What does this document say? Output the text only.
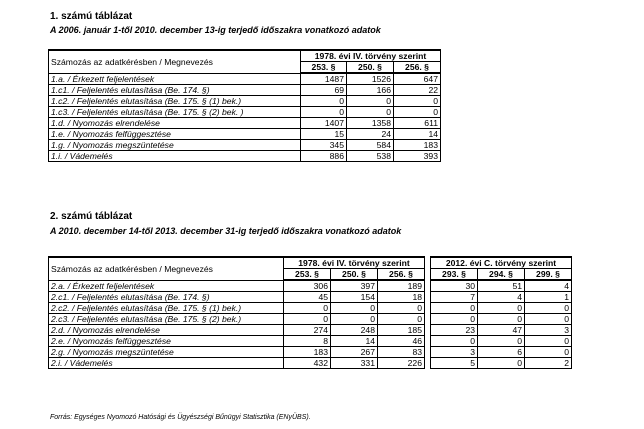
1. számú táblázat
A 2006. január 1-től 2010. december 13-ig terjedő időszakra vonatkozó adatok
Számozás az adatkérésben / Megnevezés	1978. évi IV. törvény szerint		
	253. §	250. §	256. §
1.a. / Érkezett feljelentések	1487	1526	647
1.c1. / Feljelentés elutasítása (Be. 174. §)	69	166	22
1.c2. / Feljelentés elutasítása (Be. 175. § (1) bek.)	0	0	0
1.c3. / Feljelentés elutasítása (Be. 175. § (2) bek. )	0	0	0
1.d. / Nyomozás elrendelése	1407	1358	611
1.e. / Nyomozás felfüggesztése	15	24	14
1.g. / Nyomozás megszüntetése	345	584	183
1.i. / Vádemelés	886	538	393
2. számú táblázat
A 2010. december 14-től 2013. december 31-ig terjedő időszakra vonatkozó adatok
Számozás az adatkérésben / Megnevezés	1978. évi IV. törvény szerint				2012. évi C. törvény szerint		
	253. §	250. §	256. §		293. §	294. §	299. §
2.a. / Érkezett feljelentések	306	397	189		30	51	4
2.c1. / Feljelentés elutasítása (Be. 174. §)	45	154	18		7	4	1
2.c2. / Feljelentés elutasítása (Be. 175. § (1) bek.)	0	0	0		0	0	0
2.c3. / Feljelentés elutasítása (Be. 175. § (2) bek.)	0	0	0		0	0	0
2.d. / Nyomozás elrendelése	274	248	185		23	47	3
2.e. / Nyomozás felfüggesztése	8	14	46		0	0	0
2.g. / Nyomozás megszüntetése	183	267	83		3	6	0
2.i. / Vádemelés	432	331	226		5	0	2
Forrás: Egységes Nyomozó Hatósági és Ügyészségi Bűnügyi Statisztika (ENyÜBS).
